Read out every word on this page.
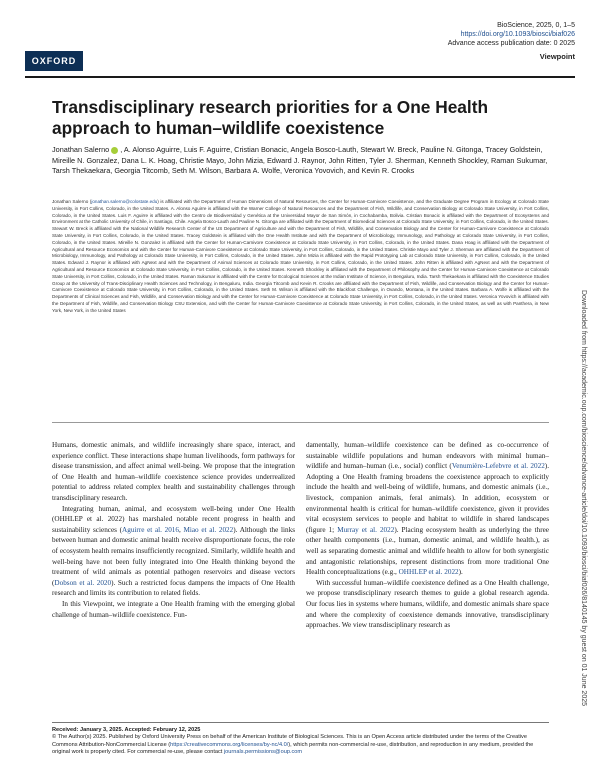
OXFORD
BioScience, 2025, 0, 1–5
https://doi.org/10.1093/biosci/biaf026
Advance access publication date: 0 2025
Viewpoint
Transdisciplinary research priorities for a One Health approach to human–wildlife coexistence
Jonathan Salerno , A. Alonso Aguirre, Luis F. Aguirre, Cristian Bonacic, Angela Bosco-Lauth, Stewart W. Breck, Pauline N. Gitonga, Tracey Goldstein, Mireille N. Gonzalez, Dana L. K. Hoag, Christie Mayo, John Mizia, Edward J. Raynor, John Ritten, Tyler J. Sherman, Kenneth Shockley, Raman Sukumar, Tarsh Thekaekara, Georgia Titcomb, Seth M. Wilson, Barbara A. Wolfe, Veronica Yovovich, and Kevin R. Crooks
Jonathan Salerno (jonathan.salerno@colostate.edu) is affiliated with the Department of Human Dimensions of Natural Resources, the Center for Human-Carnivore Coexistence, and the Graduate Degree Program in Ecology at Colorado State University, in Fort Collins, Colorado, in the United States. A. Alonso Aguirre is affiliated with the Warner College of Natural Resources and the Department of Fish, Wildlife, and Conservation Biology at Colorado State University, in Fort Collins, Colorado, in the United States. Luis F. Aguirre is affiliated with the Centro de Biodiversidad y Genética at the Universidad Mayor de San Simón, in Cochabamba, Bolivia. Cristian Bonacic is affiliated with the Department of Ecosystems and Environment at the Catholic University of Chile, in Santiago, Chile. Angela Bosco-Lauth and Pauline N. Gitonga are affiliated with the Department of Biomedical Sciences at Colorado State University, in Fort Collins, Colorado, in the United States. Stewart W. Breck is affiliated with the National Wildlife Research Center of the US Department of Agriculture and with the Department of Fish, Wildlife, and Conservation Biology and the Center for Human-Carnivore Coexistence at Colorado State University, in Fort Collins, Colorado, in the United States. Tracey Goldstein is affiliated with the One Health Institute and with the Department of Microbiology, Immunology, and Pathology at Colorado State University, in Fort Collins, Colorado, in the United States. Mireille N. Gonzalez is affiliated with the Center for Human-Carnivore Coexistence at Colorado State University, in Fort Collins, Colorado, in the United States. Dana Hoag is affiliated with the Department of Agricultural and Resource Economics and with the Center for Human-Carnivore Coexistence at Colorado State University, in Fort Collins, Colorado, in the United States. Christie Mayo and Tyler J. Sherman are affiliated with the Department of Microbiology, Immunology, and Pathology at Colorado State University, in Fort Collins, Colorado, in the United States. John Mizia is affiliated with the Rapid Prototyping Lab at Colorado State University, in Fort Collins, Colorado, in the United States. Edward J. Raynor is affiliated with AgNext and with the Department of Animal Sciences at Colorado State University, in Fort Collins, Colorado, in the United States. John Ritten is affiliated with AgNext and with the Department of Agricultural and Resource Economics at Colorado State University, in Fort Collins, Colorado, in the United States. Kenneth Shockley is affiliated with the Department of Philosophy and the Center for Human-Carnivore Coexistence at Colorado State University, in Fort Collins, Colorado, in the United States. Raman Sukumar is affiliated with the Centre for Ecological Sciences at the Indian Institute of Science, in Bengaluru, India. Tarsh Thekaekara is affiliated with the Coexistence Studies Group at the University of Trans-Disciplinary Health Sciences and Technology, in Bengaluru, India. Georgia Titcomb and Kevin R. Crooks are affiliated with the Department of Fish, Wildlife, and Conservation Biology and the Center for Human-Carnivore Coexistence at Colorado State University, in Fort Collins, Colorado, in the United States. Seth M. Wilson is affiliated with the Blackfoot Challenge, in Ovando, Montana, in the United States. Barbara A. Wolfe is affiliated with the Departments of Clinical Sciences and Fish, Wildlife, and Conservation Biology and with the Center for Human-Carnivore Coexistence at Colorado State University, in Fort Collins, Colorado, in the United States. Veronica Yovovich is affiliated with the Department of Fish, Wildlife, and Conservation Biology CSU Extension, and with the Center for Human-Carnivore Coexistence at Colorado State University, in Fort Collins, Colorado, in the United States, as well as with Panthera, in New York, New York, in the United States

Humans, domestic animals, and wildlife increasingly share space, interact, and experience conflict. These interactions shape human livelihoods, form pathways for disease transmission, and affect animal well-being. We propose that the integration of One Health and human–wildlife coexistence science provides underrealized potential to address related complex health and sustainability challenges through transdisciplinary research.

Integrating human, animal, and ecosystem well-being under One Health (OHHLEP et al. 2022) has marshaled notable recent progress in health and sustainability sciences (Aguirre et al. 2016, Miao et al. 2022). Although the links between human and domestic animal health receive disproportionate focus, the role of ecosystem health remains insufficiently recognized. Similarly, wildlife health and well-being have not been fully integrated into One Health thinking beyond the treatment of wild animals as potential pathogen reservoirs and disease vectors (Dobson et al. 2020). Such a restricted focus dampens the impacts of One Health research and limits its contribution to related fields.

In this Viewpoint, we integrate a One Health framing with the emerging global challenge of human–wildlife coexistence. Fun-

damentally, human–wildlife coexistence can be defined as co-occurrence of sustainable wildlife populations and human endeavors with minimal human–wildlife and human–human (i.e., social) conflict (Venumière-Lefebvre et al. 2022). Adopting a One Health framing broadens the coexistence approach to explicitly include the health and well-being of wildlife, humans, and domestic animals (i.e., livestock, companion animals, feral animals). In addition, ecosystem or environmental health is critical for human–wildlife coexistence, given it provides vital ecosystem services to people and habitat to wildlife in shared landscapes (figure 1; Murray et al. 2022). Placing ecosystem health as underlying the three other health components (i.e., human, domestic animal, and wildlife health.), as well as separating domestic animal and wildlife health to allow for both synergistic and antagonistic relationships, represent distinctions from more traditional One Health conceptualizations (e.g., OHHLEP et al. 2022).

With successful human–wildlife coexistence defined as a One Health challenge, we propose transdisciplinary research themes to guide a global research agenda. Our focus lies in systems where humans, wildlife, and domestic animals share space and where the complexity of coexistence demands innovative, transdisciplinary approaches. We view transdisciplinary research as

Received: January 3, 2025. Accepted: February 12, 2025
© The Author(s) 2025. Published by Oxford University Press on behalf of the American Institute of Biological Sciences. This is an Open Access article distributed under the terms of the Creative Commons Attribution-NonCommercial License (https://creativecommons.org/licenses/by-nc/4.0/), which permits non-commercial re-use, distribution, and reproduction in any medium, provided the original work is properly cited. For commercial re-use, please contact journals.permissions@oup.com
Downloaded from https://academic.oup.com/bioscience/advance-article/doi/10.1093/biosci/biaf026/8140145 by guest on 01 June 2025
